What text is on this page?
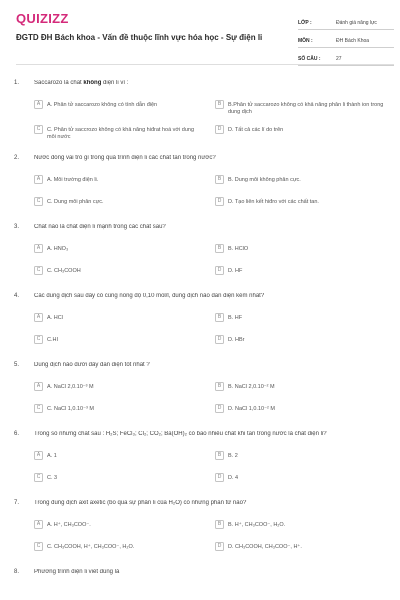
QUIZIZZ
ĐGTD ĐH Bách khoa - Vấn đề thuộc lĩnh vực hóa học - Sự điện li
LỚP :	Đánh giá năng lực
MÔN :	ĐH Bách Khoa
SỐ CÂU :	27
1. Saccarozo là chất không điện li vì :
A	A. Phân tử saccarozo không có tính dẫn điện	B	B.Phân tử saccarozo không có khả năng phân li thành ion trong dung dịch
C	C. Phân tử saccrozo không có khả năng hiđrat hoá với dung môi nước
D	D. Tất cả các lí do trên
2. Nước đóng vai trò gì trong quá trình điện li các chất tan trong nước?
A	A. Môi trường điện li.	B	B. Dung môi không phân cực.
C	C. Dung môi phân cực.	D	D. Tạo liên kết hiđro với các chất tan.
3. Chất nào là chất điện li mạnh trong các chất sau?
A	A. HNO₃	B	B. HClO
C	C. CH₃COOH	D	D. HF
4. Các dung dịch sau đây có cùng nồng độ 0,10 mol/l, dung dịch nào dẫn điện kém nhất?
A	A. HCl	B	B. HF
C	C.HI	D	D. HBr
5. Dung dịch nào dưới đây dẫn điện tốt nhất ?
A	A. NaCl 2,0.10⁻³ M	B	B. NaCl 2,0.10⁻² M
C	C. NaCl 1,0.10⁻³ M	D	D. NaCl 1,0.10⁻² M
6. Trong số những chất sau : H₂S; FeCl₃; Cl₂; CO₂; Ba(OH)₂ có bao nhiêu chất khi tan trong nước là chất điện li?
A	A. 1	B	B. 2
C	C. 3	D	D. 4
7. Trong dung dịch axit axetic (bỏ qua sự phân li của H₂O) có những phần tử nào?
A	A. H⁺, CH₃COO⁻.	B	B. H⁺, CH₃COO⁻, H₂O.
C	C. CH₃COOH, H⁺, CH₃COO⁻, H₂O.	D	D. CH₃COOH, CH₃COO⁻, H⁺.
8. Phương trình điện li viết đúng là
